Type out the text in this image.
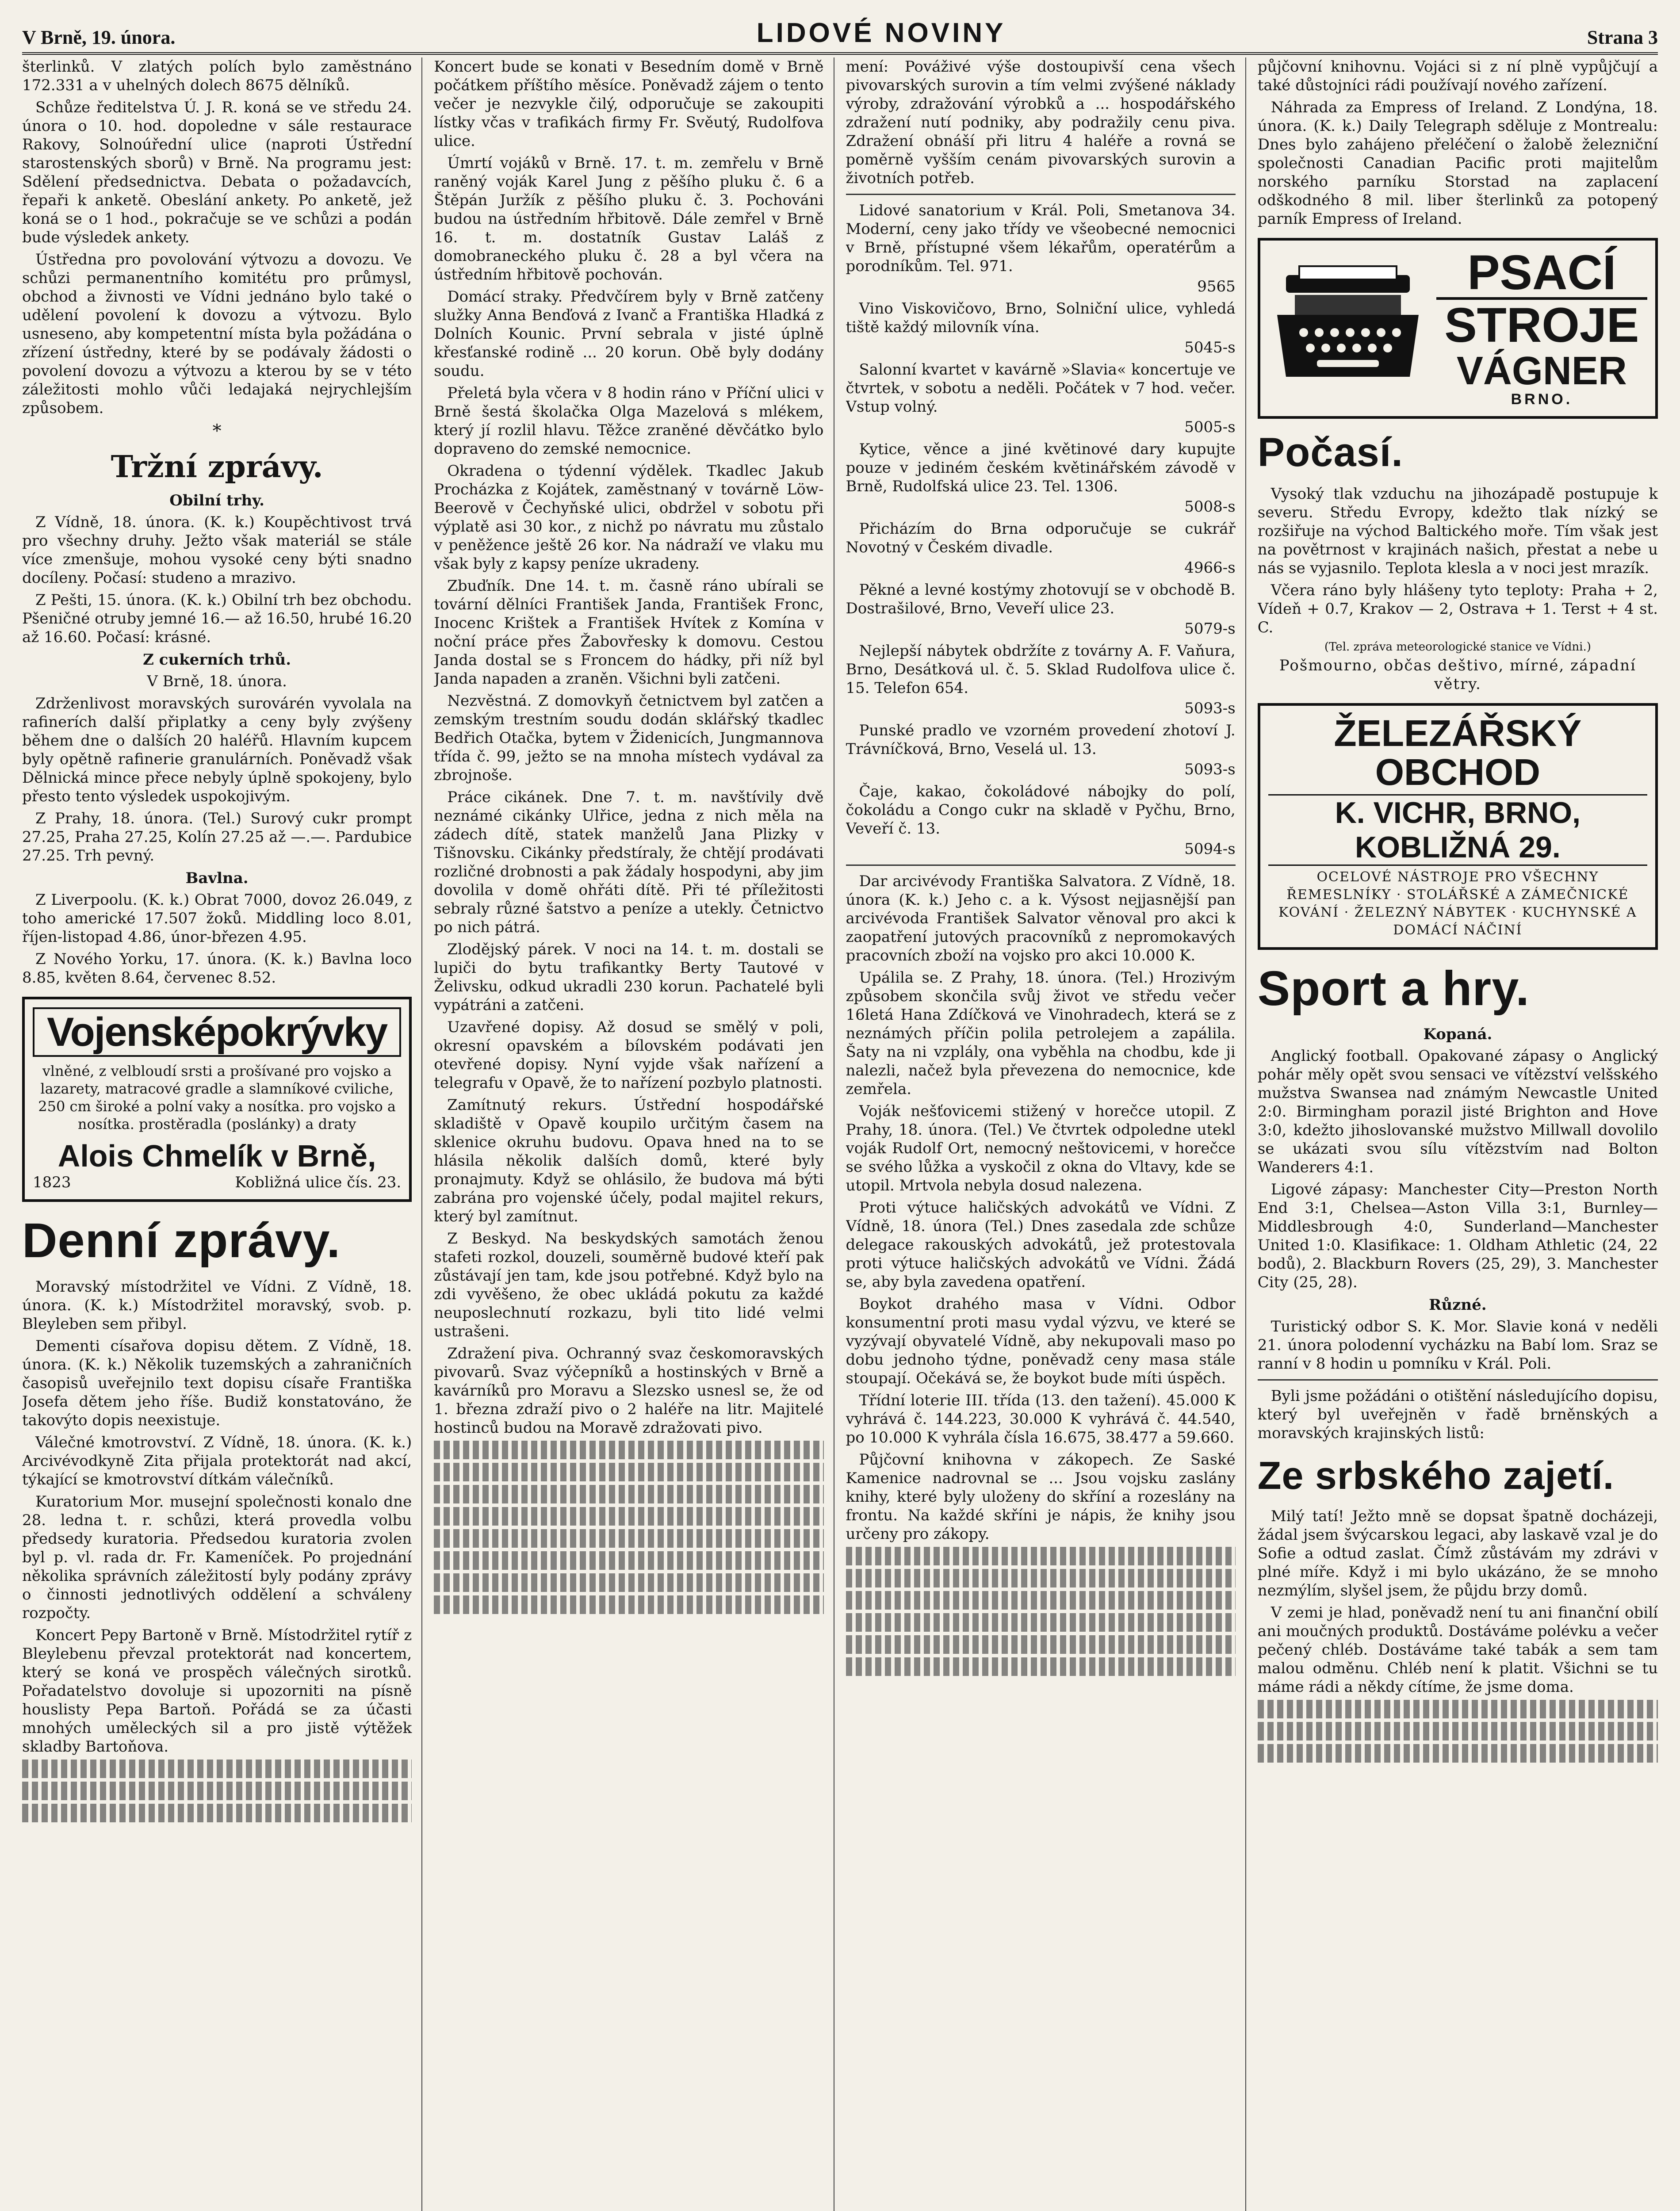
V Brně, 19. února.	LIDOVÉ NOVINY	Strana 3

šterlinků. V zlatých polích bylo zaměstnáno 172.331 a v uhelných dolech 8675 dělníků.

Schůze ředitelstva Ú. J. R. koná se ve středu 24. února o 10. hod. dopoledne v sále restaurace Rakovy, Solnoúřední ulice (naproti Ústřední starostenských sborů) v Brně. Na programu jest: Sdělení předsednictva. Debata o požadavcích, řepaři k anketě. Obeslání ankety. Po anketě, jež koná se o 1 hod., pokračuje se ve schůzi a podán bude výsledek ankety.

Ústředna pro povolování výtvozu a dovozu. Ve schůzi permanentního komitétu pro průmysl, obchod a živnosti ve Vídni jednáno bylo také o udělení povolení k dovozu a výtvozu. Bylo usneseno, aby kompetentní místa byla požádána o zřízení ústředny, které by se podávaly žádosti o povolení dovozu a výtvozu a kterou by se v této záležitosti mohlo vůči ledajaká nejrychlejším způsobem.

*
Tržní zprávy.
Obilní trhy.

Z Vídně, 18. února. (K. k.) Koupěchtivost trvá pro všechny druhy. Ježto však materiál se stále více zmenšuje, mohou vysoké ceny býti snadno docíleny. Počasí: studeno a mrazivo.

Z Pešti, 15. února. (K. k.) Obilní trh bez obchodu. Pšeničné otruby jemné 16.— až 16.50, hrubé 16.20 až 16.60. Počasí: krásné.

Z cukerních trhů.

V Brně, 18. února.

Zdrženlivost moravských surovárén vyvolala na rafinerích další připlatky a ceny byly zvýšeny během dne o dalších 20 haléřů. Hlavním kupcem byly opětně rafinerie granulárních. Poněvadž však Dělnická mince přece nebyly úplně spokojeny, bylo přesto tento výsledek uspokojivým.

Z Prahy, 18. února. (Tel.) Surový cukr prompt 27.25, Praha 27.25, Kolín 27.25 až —.—. Pardubice 27.25. Trh pevný.

Bavlna.

Z Liverpoolu. (K. k.) Obrat 7000, dovoz 26.049, z toho americké 17.507 žoků. Middling loco 8.01, říjen-listopad 4.86, únor-březen 4.95.

Z Nového Yorku, 17. února. (K. k.) Bavlna loco 8.85, květen 8.64, červenec 8.52.

Vojensképokrývky
vlněné, z velbloudí srsti a prošívané pro vojsko a lazarety, matracové gradle a slamníkové cviliche, 250 cm široké a polní vaky a nosítka. pro vojsko a nosítka. prostěradla (poslánky) a draty
Alois Chmelík v Brně,
1823	Kobližná ulice čís. 23.
Denní zprávy.

Moravský místodržitel ve Vídni. Z Vídně, 18. února. (K. k.) Místodržitel moravský, svob. p. Bleyleben sem přibyl.

Dementi císařova dopisu dětem. Z Vídně, 18. února. (K. k.) Několik tuzemských a zahraničních časopisů uveřejnilo text dopisu císaře Františka Josefa dětem jeho říše. Budiž konstatováno, že takovýto dopis neexistuje.

Válečné kmotrovství. Z Vídně, 18. února. (K. k.) Arcivévodkyně Zita přijala protektorát nad akcí, týkající se kmotrovství dítkám válečníků.

Kuratorium Mor. musejní společnosti konalo dne 28. ledna t. r. schůzi, která provedla volbu předsedy kuratoria. Předsedou kuratoria zvolen byl p. vl. rada dr. Fr. Kameníček. Po projednání několika správních záležitostí byly podány zprávy o činnosti jednotlivých oddělení a schváleny rozpočty.

Koncert Pepy Bartoně v Brně. Místodržitel rytíř z Bleylebenu převzal protektorát nad koncertem, který se koná ve prospěch válečných sirotků. Pořadatelstvo dovoluje si upozorniti na písně houslisty Pepa Bartoň. Pořádá se za účasti mnohých uměleckých sil a pro jistě výtěžek skladby Bartoňova.

Koncert bude se konati v Besedním domě v Brně počátkem příštího měsíce. Poněvadž zájem o tento večer je nezvykle čilý, odporučuje se zakoupiti lístky včas v trafikách firmy Fr. Svěutý, Rudolfova ulice.

Úmrtí vojáků v Brně. 17. t. m. zemřelu v Brně raněný voják Karel Jung z pěšího pluku č. 6 a Štěpán Juržík z pěšího pluku č. 3. Pochováni budou na ústředním hřbitově. Dále zemřel v Brně 16. t. m. dostatník Gustav Laláš z domobraneckého pluku č. 28 a byl včera na ústředním hřbitově pochován.

Domácí straky. Předvčírem byly v Brně zatčeny služky Anna Benďová z Ivanč a Františka Hladká z Dolních Kounic. První sebrala v jisté úplně křesťanské rodině ... 20 korun. Obě byly dodány soudu.

Přeletá byla včera v 8 hodin ráno v Příční ulici v Brně šestá školačka Olga Mazelová s mlékem, který jí rozlil hlavu. Těžce zraněné děvčátko bylo dopraveno do zemské nemocnice.

Okradena o týdenní výdělek. Tkadlec Jakub Procházka z Kojátek, zaměstnaný v továrně Löw-Beerově v Čechyňské ulici, obdržel v sobotu při výplatě asi 30 kor., z nichž po návratu mu zůstalo v peněžence ještě 26 kor. Na nádraží ve vlaku mu však byly z kapsy peníze ukradeny.

Zbuďník. Dne 14. t. m. časně ráno ubírali se tovární dělníci František Janda, František Fronc, Inocenc Krištek a František Hvítek z Komína v noční práce přes Žabovřesky k domovu. Cestou Janda dostal se s Froncem do hádky, při níž byl Janda napaden a zraněn. Všichni byli zatčeni.

Nezvěstná. Z domovkyň četnictvem byl zatčen a zemským trestním soudu dodán sklářský tkadlec Bedřich Otačka, bytem v Židenicích, Jungmannova třída č. 99, ježto se na mnoha místech vydával za zbrojnoše.

Práce cikánek. Dne 7. t. m. navštívily dvě neznámé cikánky Ulřice, jedna z nich měla na zádech dítě, statek manželů Jana Plizky v Tišnovsku. Cikánky předstíraly, že chtějí prodávati rozličné drobnosti a pak žádaly hospodyni, aby jim dovolila v domě ohřáti dítě. Při té příležitosti sebraly různé šatstvo a peníze a utekly. Četnictvo po nich pátrá.

Zlodějský párek. V noci na 14. t. m. dostali se lupiči do bytu trafikantky Berty Tautové v Želivsku, odkud ukradli 230 korun. Pachatelé byli vypátráni a zatčeni.

Uzavřené dopisy. Až dosud se smělý v poli, okresní opavském a bílovském podávati jen otevřené dopisy. Nyní vyjde však nařízení a telegrafu v Opavě, že to nařízení pozbylo platnosti.

Zamítnutý rekurs. Ústřední hospodářské skladiště v Opavě koupilo určitým časem na sklenice okruhu budovu. Opava hned na to se hlásila několik dalších domů, které byly pronajmuty. Když se ohlásilo, že budova má býti zabrána pro vojenské účely, podal majitel rekurs, který byl zamítnut.

Z Beskyd. Na beskydských samotách ženou stafeti rozkol, douzeli, souměrně budové kteří pak zůstávají jen tam, kde jsou potřebné. Když bylo na zdi vyvěšeno, že obec ukládá pokutu za každé neuposlechnutí rozkazu, byli tito lidé velmi ustrašeni.

Zdražení piva. Ochranný svaz českomoravských pivovarů. Svaz výčepníků a hostinských v Brně a kavárníků pro Moravu a Slezsko usnesl se, že od 1. března zdraží pivo o 2 haléře na litr. Majitelé hostinců budou na Moravě zdražovati pivo.

mení: Pováživé výše dostoupivší cena všech pivovarských surovin a tím velmi zvýšené náklady výroby, zdražování výrobků a ... hospodářského zdražení nutí podniky, aby podražily cenu piva. Zdražení obnáší při litru 4 haléře a rovná se poměrně vyšším cenám pivovarských surovin a životních potřeb.

Lidové sanatorium v Král. Poli, Smetanova 34. Moderní, ceny jako třídy ve všeobecné nemocnici v Brně, přístupné všem lékařům, operatérům a porodníkům. Tel. 971.

9565

Vino Viskovičovo, Brno, Solniční ulice, vyhledá tiště každý milovník vína.

5045-s

Salonní kvartet v kavárně »Slavia« koncertuje ve čtvrtek, v sobotu a neděli. Počátek v 7 hod. večer. Vstup volný.

5005-s

Kytice, věnce a jiné květinové dary kupujte pouze v jediném českém květinářském závodě v Brně, Rudolfská ulice 23. Tel. 1306.

5008-s

Přicházím do Brna odporučuje se cukrář Novotný v Českém divadle.

4966-s

Pěkné a levné kostýmy zhotovují se v obchodě B. Dostrašilové, Brno, Veveří ulice 23.

5079-s

Nejlepší nábytek obdržíte z továrny A. F. Vaňura, Brno, Desátková ul. č. 5. Sklad Rudolfova ulice č. 15. Telefon 654.

5093-s

Punské pradlo ve vzorném provedení zhotoví J. Trávníčková, Brno, Veselá ul. 13.

5093-s

Čaje, kakao, čokoládové nábojky do polí, čokoládu a Congo cukr na skladě v Pyčhu, Brno, Veveří č. 13.

5094-s

Dar arcivévody Františka Salvatora. Z Vídně, 18. února (K. k.) Jeho c. a k. Výsost nejjasnější pan arcivévoda František Salvator věnoval pro akci k zaopatření jutových pracovníků z nepromokavých pracovních zboží na vojsko pro akci 10.000 K.

Upálila se. Z Prahy, 18. února. (Tel.) Hrozivým způsobem skončila svůj život ve středu večer 16letá Hana Zdíčková ve Vinohradech, která se z neznámých příčin polila petrolejem a zapálila. Šaty na ni vzplály, ona vyběhla na chodbu, kde ji nalezli, načež byla převezena do nemocnice, kde zemřela.

Voják nešťovicemi stižený v horečce utopil. Z Prahy, 18. února. (Tel.) Ve čtvrtek odpoledne utekl voják Rudolf Ort, nemocný neštovicemi, v horečce se svého lůžka a vyskočil z okna do Vltavy, kde se utopil. Mrtvola nebyla dosud nalezena.

Proti výtuce haličských advokátů ve Vídni. Z Vídně, 18. února (Tel.) Dnes zasedala zde schůze delegace rakouských advokátů, jež protestovala proti výtuce haličských advokátů ve Vídni. Žádá se, aby byla zavedena opatření.

Boykot drahého masa v Vídni. Odbor konsumentní proti masu vydal výzvu, ve které se vyzývají obyvatelé Vídně, aby nekupovali maso po dobu jednoho týdne, poněvadž ceny masa stále stoupají. Očekává se, že boykot bude míti úspěch.

Třídní loterie III. třída (13. den tažení). 45.000 K vyhrává č. 144.223, 30.000 K vyhrává č. 44.540, po 10.000 K vyhrála čísla 16.675, 38.477 a 59.660.

Půjčovní knihovna v zákopech. Ze Saské Kamenice nadrovnal se ... Jsou vojsku zaslány knihy, které byly uloženy do skříní a rozeslány na frontu. Na každé skříni je nápis, že knihy jsou určeny pro zákopy.

půjčovní knihovnu. Vojáci si z ní plně vypůjčují a také důstojníci rádi používají nového zařízení.

Náhrada za Empress of Ireland. Z Londýna, 18. února. (K. k.) Daily Telegraph sděluje z Montrealu: Dnes bylo zahájeno přeléčení o žalobě železniční společnosti Canadian Pacific proti majitelům norského parníku Storstad na zaplacení odškodného 8 mil. liber šterlinků za potopený parník Empress of Ireland.

PSACÍ
STROJE
VÁGNER
BRNO.
Počasí.

Vysoký tlak vzduchu na jihozápadě postupuje k severu. Středu Evropy, kdežto tlak nízký se rozšiřuje na východ Baltického moře. Tím však jest na povětrnost v krajinách našich, přestat a nebe u nás se vyjasnilo. Teplota klesla a v noci jest mrazík.

Včera ráno byly hlášeny tyto teploty: Praha + 2, Vídeň + 0.7, Krakov — 2, Ostrava + 1. Terst + 4 st. C.

(Tel. zpráva meteorologické stanice ve Vídni.)
Pošmourno, občas deštivo, mírné, západní větry.
ŽELEZÁŘSKÝ OBCHOD
K. VICHR, BRNO, KOBLIŽNÁ 29.
OCELOVÉ NÁSTROJE PRO VŠECHNY ŘEMESLNÍKY · STOLÁŘSKÉ A ZÁMEČNICKÉ KOVÁNÍ · ŽELEZNÝ NÁBYTEK · KUCHYNSKÉ A DOMÁCÍ NÁČINÍ
Sport a hry.
Kopaná.

Anglický football. Opakované zápasy o Anglický pohár měly opět svou sensaci ve vítězství velšského mužstva Swansea nad známým Newcastle United 2:0. Birmingham porazil jisté Brighton and Hove 3:0, kdežto jihoslovanské mužstvo Millwall dovolilo se ukázati svou sílu vítězstvím nad Bolton Wanderers 4:1.

Ligové zápasy: Manchester City—Preston North End 3:1, Chelsea—Aston Villa 3:1, Burnley—Middlesbrough 4:0, Sunderland—Manchester United 1:0. Klasifikace: 1. Oldham Athletic (24, 22 bodů), 2. Blackburn Rovers (25, 29), 3. Manchester City (25, 28).

Různé.

Turistický odbor S. K. Mor. Slavie koná v neděli 21. února polodenní vycházku na Babí lom. Sraz se ranní v 8 hodin u pomníku v Král. Poli.

Byli jsme požádáni o otištění následujícího dopisu, který byl uveřejněn v řadě brněnských a moravských krajinských listů:

Ze srbského zajetí.

Milý tatí! Ježto mně se dopsat špatně docházeji, žádal jsem švýcarskou legaci, aby laskavě vzal je do Sofie a odtud zaslat. Čímž zůstávám my zdrávi v plné míře. Když i mi bylo ukázáno, že se mnoho nezmýlím, slyšel jsem, že půjdu brzy domů.

V zemi je hlad, poněvadž není tu ani finanční obilí ani moučných produktů. Dostáváme polévku a večer pečený chléb. Dostáváme také tabák a sem tam malou odměnu. Chléb není k platit. Všichni se tu máme rádi a někdy cítíme, že jsme doma.
